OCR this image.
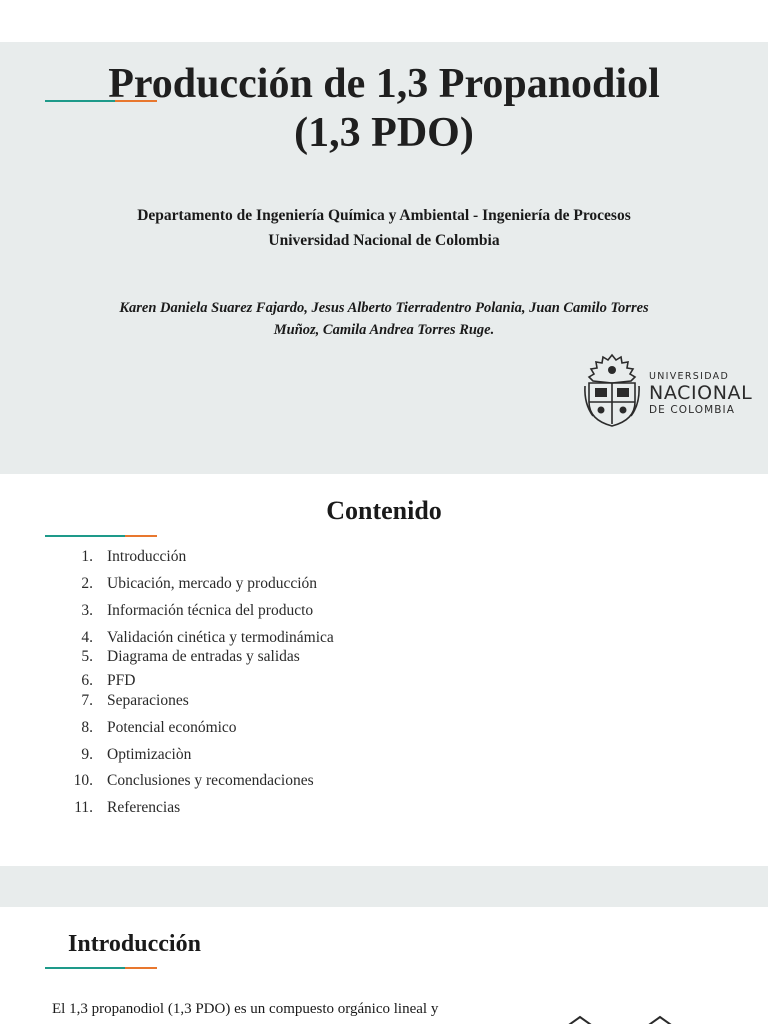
Producción de 1,3 Propanodiol
(1,3 PDO)
Departamento de Ingeniería Química y Ambiental - Ingeniería de Procesos
Universidad Nacional de Colombia
Karen Daniela Suarez Fajardo, Jesus Alberto Tierradentro Polania, Juan Camilo Torres
Muñoz, Camila Andrea Torres Ruge.
UNIVERSIDAD
NACIONAL
DE COLOMBIA
Contenido
1. Introducción
2. Ubicación, mercado y producción
3. Información técnica del producto
4. Validación cinética y termodinámica
5. Diagrama de entradas y salidas
6. PFD
7. Separaciones
8. Potencial económico
9. Optimizaciòn
10. Conclusiones y recomendaciones
11. Referencias
Introducción
El 1,3 propanodiol (1,3 PDO) es un compuesto orgánico lineal y
